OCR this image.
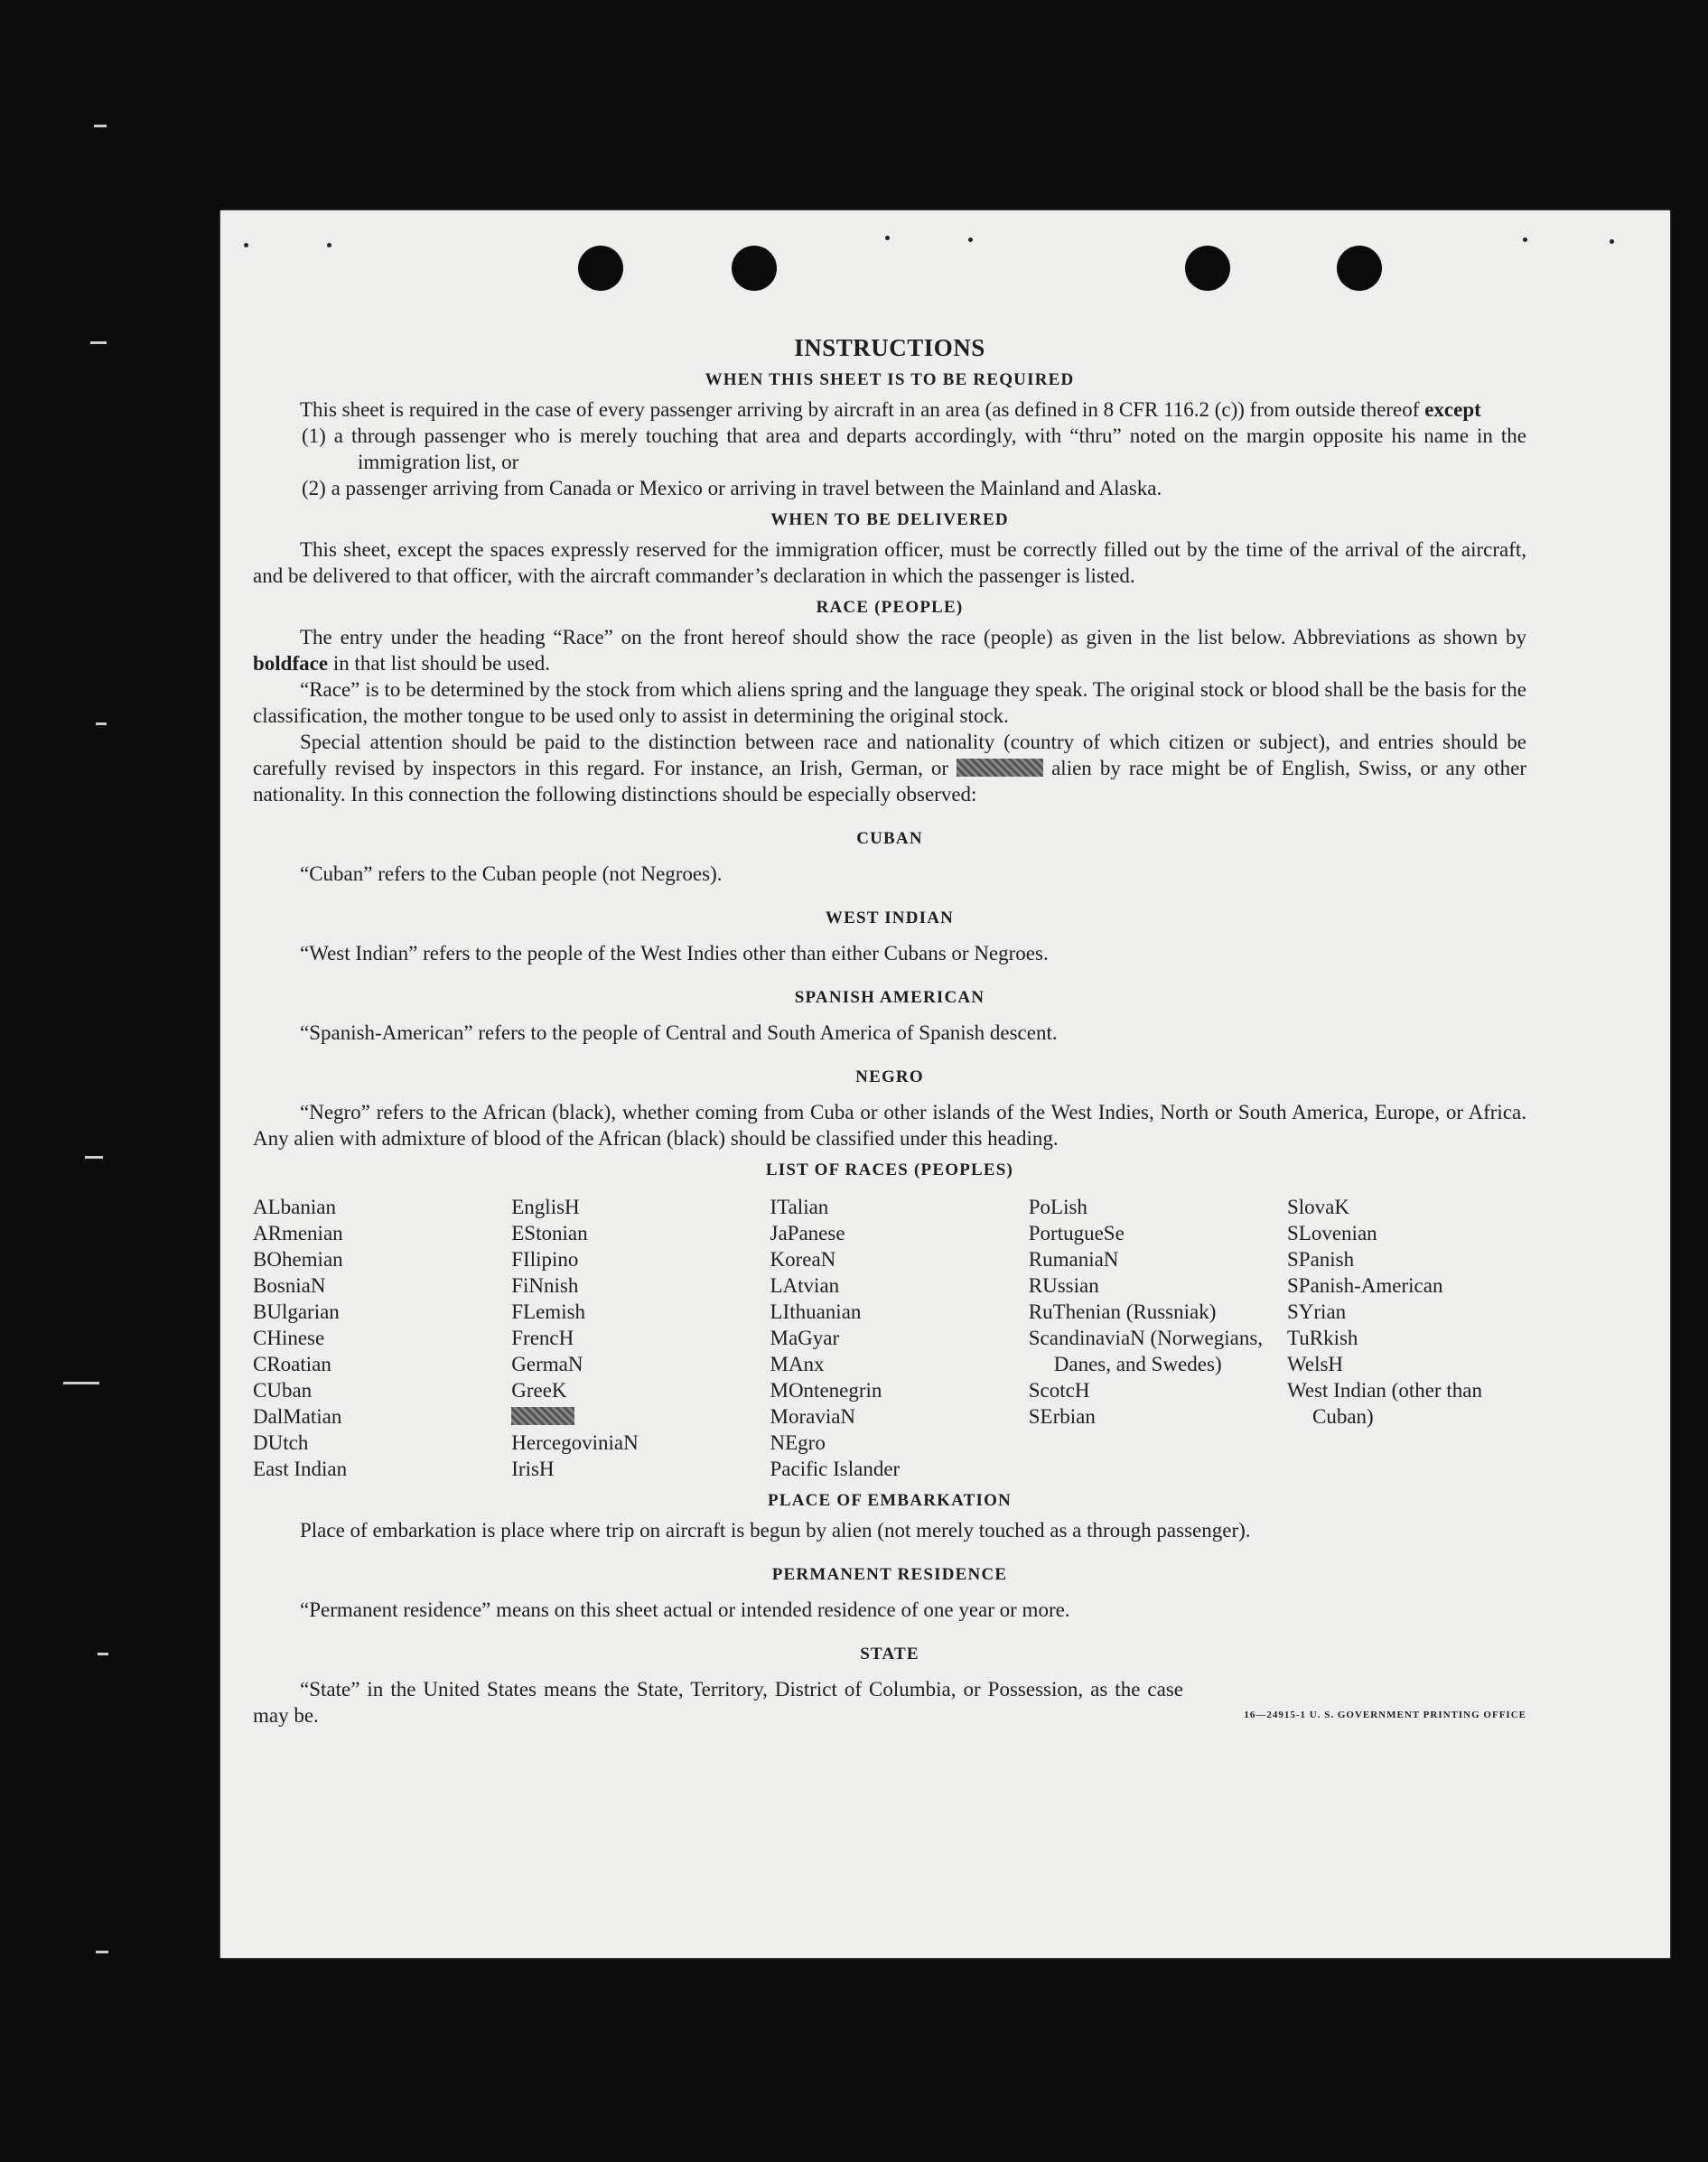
INSTRUCTIONS
WHEN THIS SHEET IS TO BE REQUIRED

This sheet is required in the case of every passenger arriving by aircraft in an area (as defined in 8 CFR 116.2 (c)) from outside thereof except

(1) a through passenger who is merely touching that area and departs accordingly, with “thru” noted on the margin opposite his name in the immigration list, or

(2) a passenger arriving from Canada or Mexico or arriving in travel between the Mainland and Alaska.

WHEN TO BE DELIVERED

This sheet, except the spaces expressly reserved for the immigration officer, must be correctly filled out by the time of the arrival of the aircraft, and be delivered to that officer, with the aircraft commander’s declaration in which the passenger is listed.

RACE (PEOPLE)

The entry under the heading “Race” on the front hereof should show the race (people) as given in the list below. Abbreviations as shown by boldface in that list should be used.

“Race” is to be determined by the stock from which aliens spring and the language they speak. The original stock or blood shall be the basis for the classification, the mother tongue to be used only to assist in determining the original stock.

Special attention should be paid to the distinction between race and nationality (country of which citizen or subject), and entries should be carefully revised by inspectors in this regard. For instance, an Irish, German, or	alien by race might be of English, Swiss, or any other nationality. In this connection the following distinctions should be especially observed:

CUBAN

“Cuban” refers to the Cuban people (not Negroes).

WEST INDIAN

“West Indian” refers to the people of the West Indies other than either Cubans or Negroes.

SPANISH AMERICAN

“Spanish-American” refers to the people of Central and South America of Spanish descent.

NEGRO

“Negro” refers to the African (black), whether coming from Cuba or other islands of the West Indies, North or South America, Europe, or Africa. Any alien with admixture of blood of the African (black) should be classified under this heading.

LIST OF RACES (PEOPLES)
ALbanian
ARmenian
BOhemian
BosniaN
BUlgarian
CHinese
CRoatian
CUban
DalMatian
DUtch
East Indian
EnglisH
EStonian
FIlipino
FiNnish
FLemish
FrencH
GermaN
GreeK
HercegoviniaN
IrisH
ITalian
JaPanese
KoreaN
LAtvian
LIthuanian
MaGyar
MAnx
MOntenegrin
MoraviaN
NEgro
Pacific Islander
PoLish
PortugueSe
RumaniaN
RUssian
RuThenian (Russniak)
ScandinaviaN (Norwegians, Danes, and Swedes)
ScotcH
SErbian
SlovaK
SLovenian
SPanish
SPanish-American
SYrian
TuRkish
WelsH
West Indian (other than Cuban)
PLACE OF EMBARKATION

Place of embarkation is place where trip on aircraft is begun by alien (not merely touched as a through passenger).

PERMANENT RESIDENCE

“Permanent residence” means on this sheet actual or intended residence of one year or more.

STATE

“State” in the United States means the State, Territory, District of Columbia, or Possession, as the case may be.	16—24915-1 U. S. GOVERNMENT PRINTING OFFICE
